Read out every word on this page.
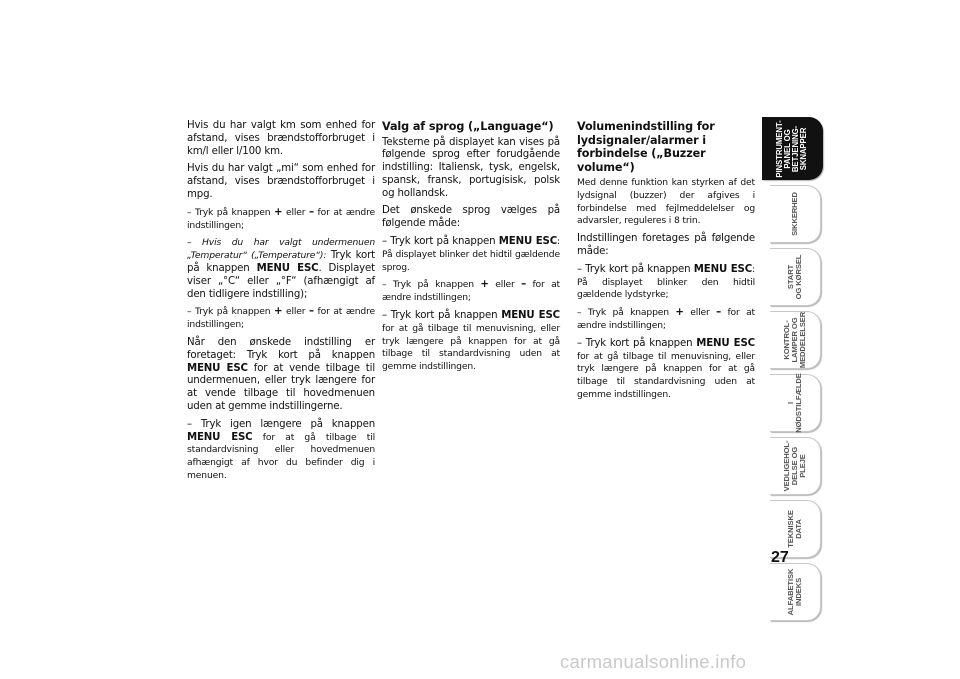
Hvis du har valgt km som enhed for afstand, vises brændstofforbruget i km/l eller l/100 km.

Hvis du har valgt „mi“ som enhed for afstand, vises brændstofforbruget i mpg.

– Tryk på knappen + eller – for at ændre indstillingen;

– Hvis du har valgt undermenuen „Temperatur“ („Temperature“): Tryk kort på knappen MENU ESC. Displayet viser „°C“ eller „°F“ (afhængigt af den tidligere indstilling);

– Tryk på knappen + eller – for at ændre indstillingen;

Når den ønskede indstilling er foretaget: Tryk kort på knappen MENU ESC for at vende tilbage til undermenuen, eller tryk længere for at vende tilbage til hovedmenuen uden at gemme indstillingerne.

– Tryk igen længere på knappen MENU ESC for at gå tilbage til standardvisning eller hovedmenuen afhængigt af hvor du befinder dig i menuen.

Valg af sprog („Language“)

Teksterne på displayet kan vises på følgende sprog efter forudgående indstilling: Italiensk, tysk, engelsk, spansk, fransk, portugisisk, polsk og hollandsk.

Det ønskede sprog vælges på følgende måde:

– Tryk kort på knappen MENU ESC: På displayet blinker det hidtil gældende sprog.

– Tryk på knappen + eller – for at ændre indstillingen;

– Tryk kort på knappen MENU ESC for at gå tilbage til menuvisning, eller tryk længere på knappen for at gå tilbage til standardvisning uden at gemme indstillingen.

Volumenindstilling for lydsignaler/alarmer i forbindelse („Buzzer volume“)

Med denne funktion kan styrken af det lydsignal (buzzer) der afgives i forbindelse med fejlmeddelelser og advarsler, reguleres i 8 trin.

Indstillingen foretages på følgende måde:

– Tryk kort på knappen MENU ESC: På displayet blinker den hidtil gældende lydstyrke;

– Tryk på knappen + eller – for at ændre indstillingen;

– Tryk kort på knappen MENU ESC for at gå tilbage til menuvisning, eller tryk længere på knappen for at gå tilbage til standardvisning uden at gemme indstillingen.

PINSTRUMENT-
PANEL OG
BETJENING-
SKNAPPER
SIKKERHED
START
OG KØRSEL
KONTROL-
LAMPER OG
MEDDELELSER
I
NØDSTILFÆLDE
VEDLIGEHOL-
DELSE OG
PLEJE
TEKNISKE
DATA
ALFABETISK
INDEKS
27
carmanualsonline.info
